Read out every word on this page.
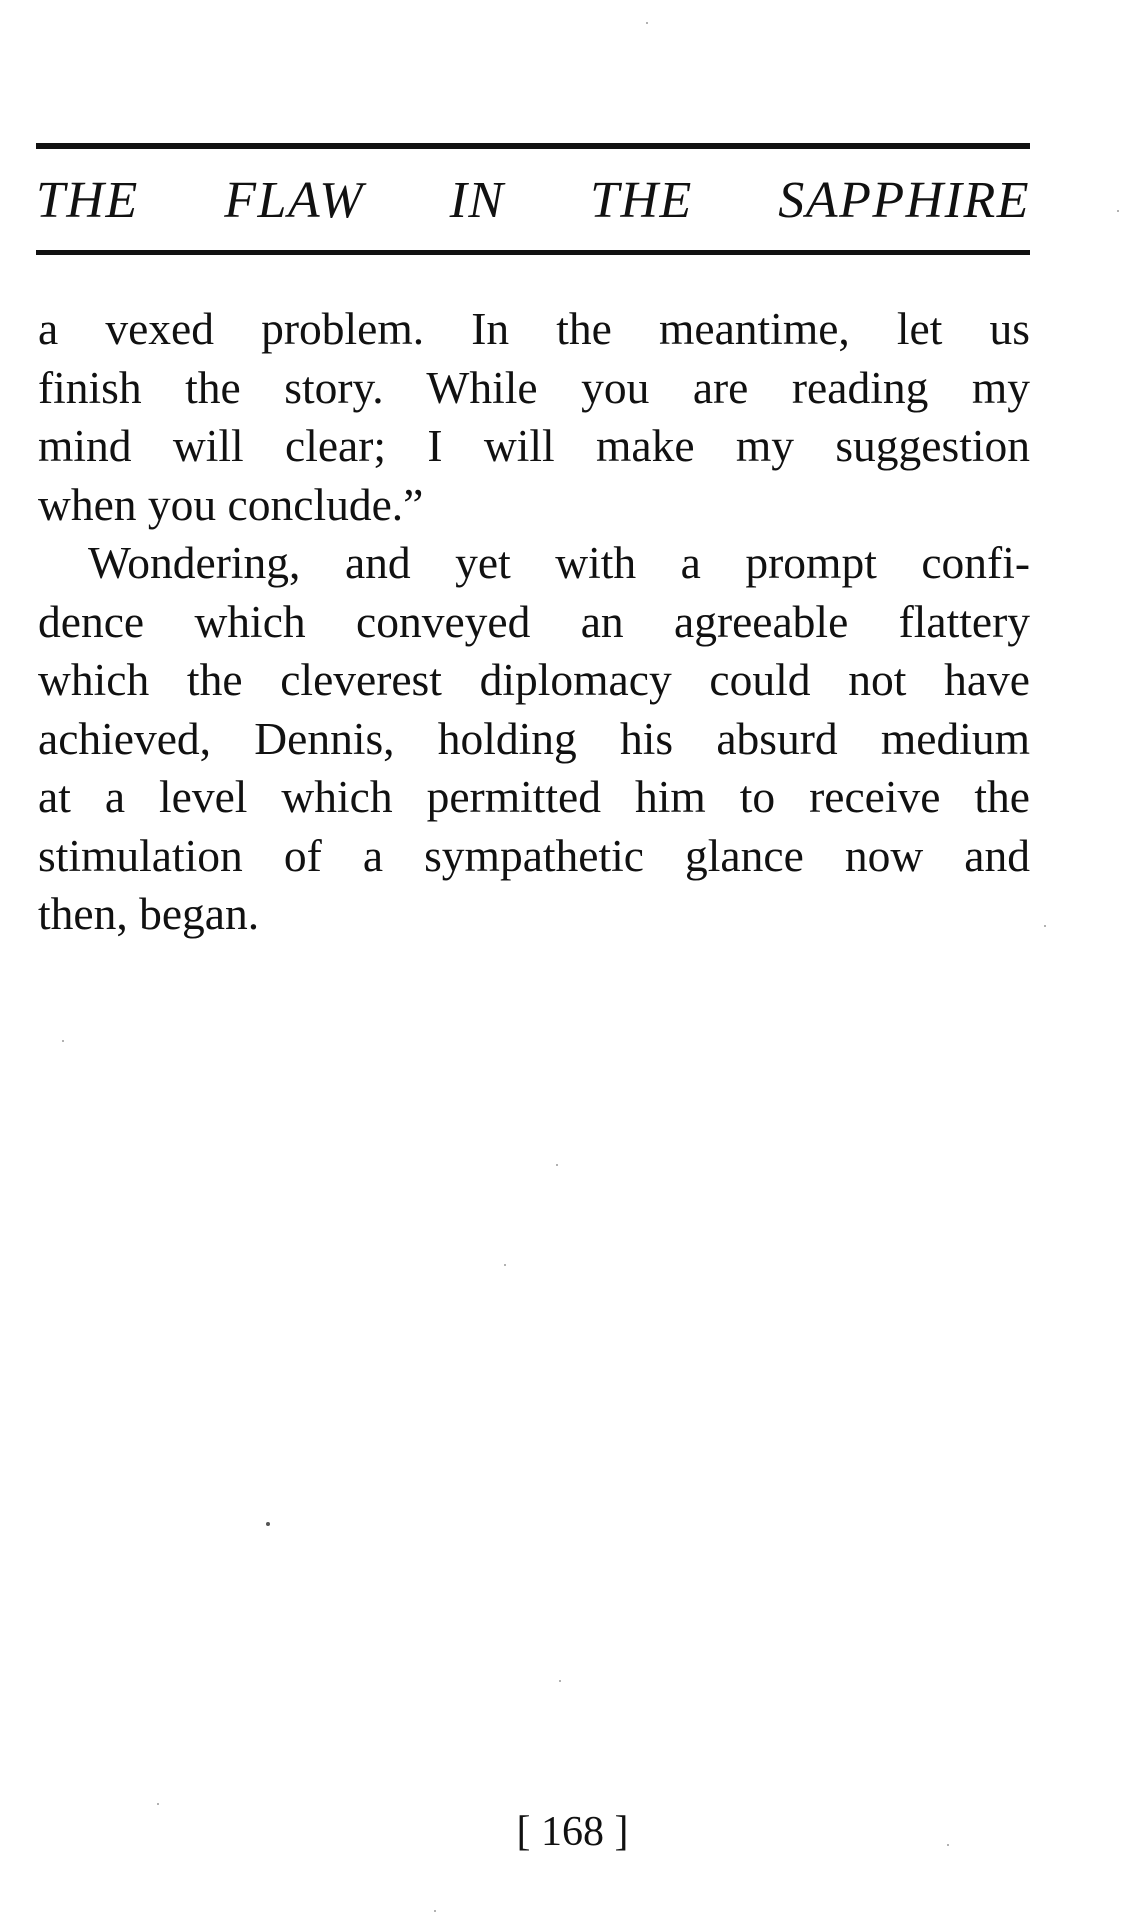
THE FLAW IN THE SAPPHIRE

a vexed problem. In the meantime, let us
finish the story. While you are reading my
mind will clear; I will make my suggestion
when you conclude.”

Wondering, and yet with a prompt confi-
dence which conveyed an agreeable flattery
which the cleverest diplomacy could not have
achieved, Dennis, holding his absurd medium
at a level which permitted him to receive the
stimulation of a sympathetic glance now and
then, began.

[ 168 ]
